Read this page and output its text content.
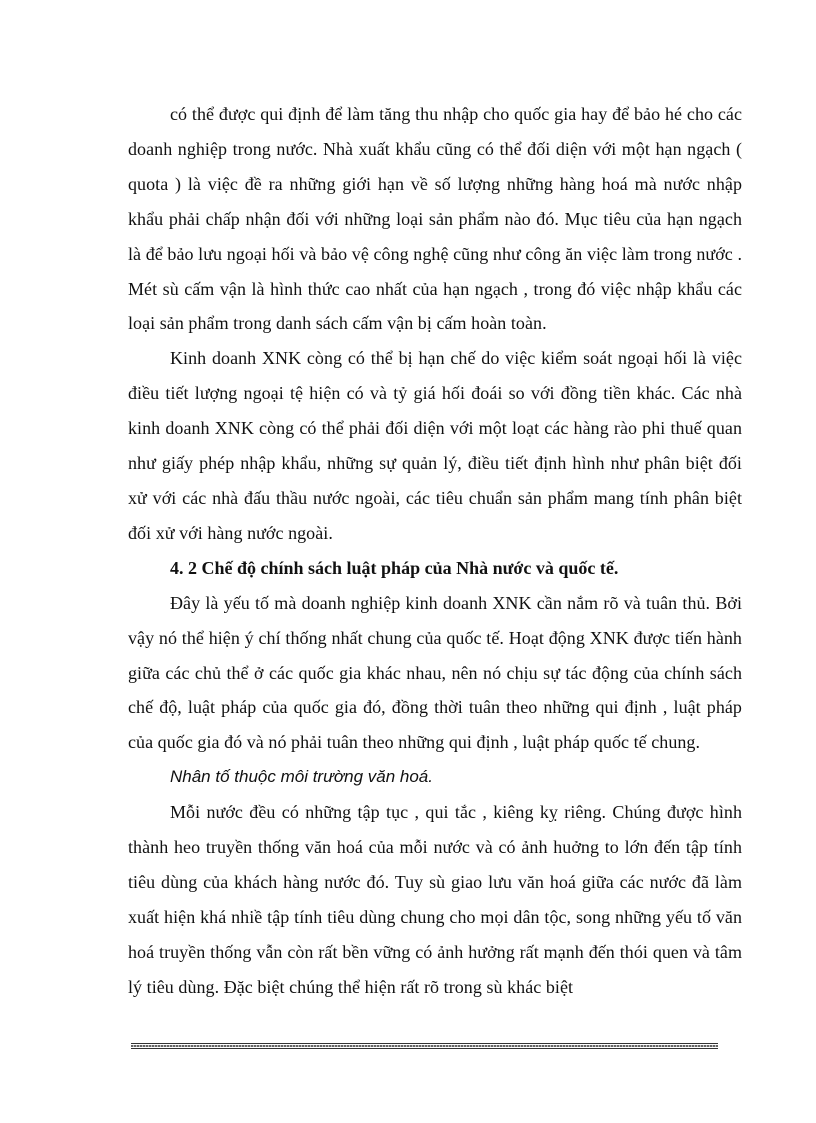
có thể được qui định để làm tăng thu nhập cho quốc gia hay để bảo hé cho các doanh nghiệp trong nước. Nhà xuất khẩu cũng có thể đối diện với một hạn ngạch ( quota ) là việc đề ra những giới hạn về số lượng những hàng hoá mà nước nhập khẩu phải chấp nhận đối với những loại sản phẩm nào đó. Mục tiêu của hạn ngạch là để bảo lưu ngoại hối và bảo vệ công nghệ cũng như công ăn việc làm trong nước . Mét sù cấm vận là hình thức cao nhất của hạn ngạch , trong đó việc nhập khẩu các loại sản phẩm trong danh sách cấm vận bị cấm hoàn toàn.

Kinh doanh XNK còng có thể bị hạn chế do việc kiểm soát ngoại hối là việc điều tiết lượng ngoại tệ hiện có và tỷ giá hối đoái so với đồng tiền khác. Các nhà kinh doanh XNK còng có thể phải đối diện với một loạt các hàng rào phi thuế quan như giấy phép nhập khẩu, những sự quản lý, điều tiết định hình như phân biệt đối xử với các nhà đấu thầu nước ngoài, các tiêu chuẩn sản phẩm mang tính phân biệt đối xử với hàng nước ngoài.

4. 2 Chế độ chính sách luật pháp của Nhà nước và quốc tế.

Đây là yếu tố mà doanh nghiệp kinh doanh XNK cần nắm rõ và tuân thủ. Bởi vậy nó thể hiện ý chí thống nhất chung của quốc tế. Hoạt động XNK được tiến hành giữa các chủ thể ở các quốc gia khác nhau, nên nó chịu sự tác động của chính sách chế độ, luật pháp của quốc gia đó, đồng thời tuân theo những qui định , luật pháp của quốc gia đó và nó phải tuân theo những qui định , luật pháp quốc tế chung.

Nhân tố thuộc môi trường văn hoá.

Mỗi nước đều có những tập tục , qui tắc , kiêng kỵ riêng. Chúng được hình thành heo truyền thống văn hoá của mỗi nước và có ảnh huởng to lớn đến tập tính tiêu dùng của khách hàng nước đó. Tuy sù giao lưu văn hoá giữa các nước đã làm xuất hiện khá nhiề tập tính tiêu dùng chung cho mọi dân tộc, song những yếu tố văn hoá truyền thống vẫn còn rất bền vững có ảnh hưởng rất mạnh đến thói quen và tâm lý tiêu dùng. Đặc biệt chúng thể hiện rất rõ trong sù khác biệt
